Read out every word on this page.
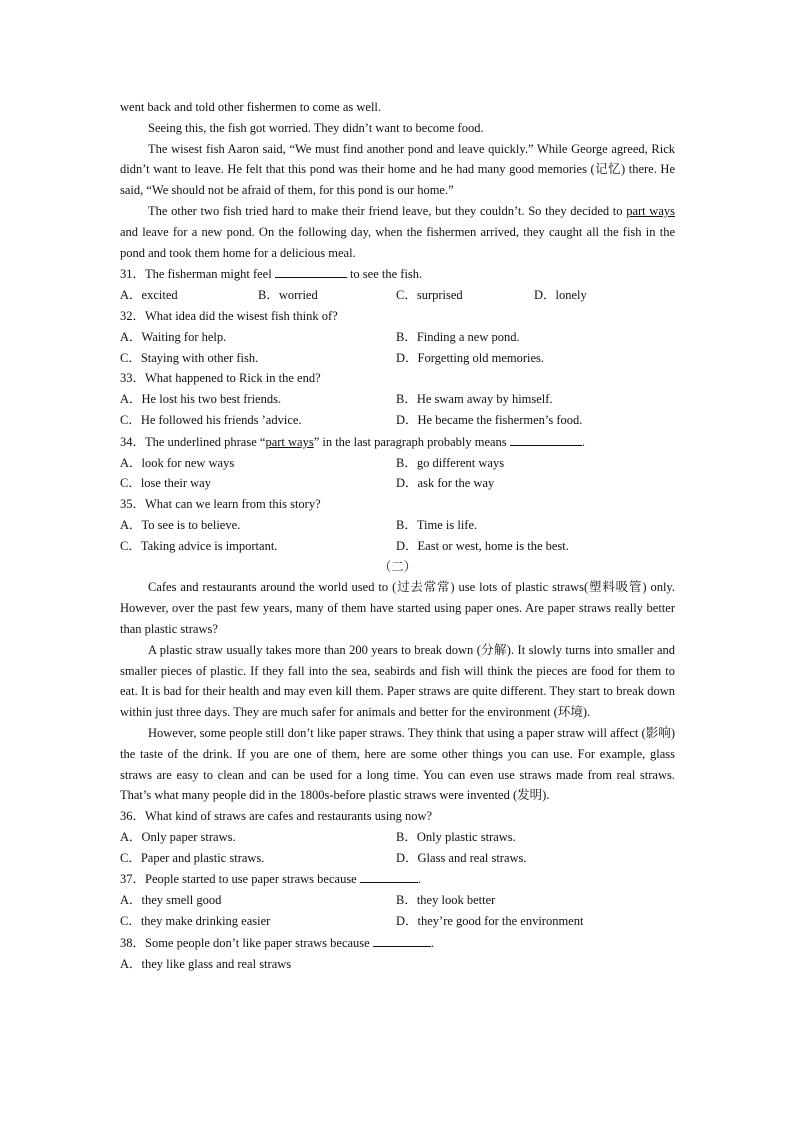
went back and told other fishermen to come as well.

Seeing this, the fish got worried. They didn’t want to become food.

The wisest fish Aaron said, “We must find another pond and leave quickly.” While George agreed, Rick didn’t want to leave. He felt that this pond was their home and he had many good memories (记忆) there. He said, “We should not be afraid of them, for this pond is our home.”

The other two fish tried hard to make their friend leave, but they couldn’t. So they decided to part ways and leave for a new pond. On the following day, when the fishermen arrived, they caught all the fish in the pond and took them home for a delicious meal.

31．The fisherman might feel	to see the fish.

A．excited	B．worried	C．surprised	D．lonely

32．What idea did the wisest fish think of?

A．Waiting for help.	B．Finding a new pond.
C．Staying with other fish.	D．Forgetting old memories.

33．What happened to Rick in the end?

A．He lost his two best friends.	B．He swam away by himself.
C．He followed his friends ’advice.	D．He became the fishermen’s food.

34．The underlined phrase “part ways” in the last paragraph probably means	.

A．look for new ways	B．go different ways
C．lose their way	D．ask for the way

35．What can we learn from this story?

A．To see is to believe.	B．Time is life.
C．Taking advice is important.	D．East or west, home is the best.

（二）

Cafes and restaurants around the world used to (过去常常) use lots of plastic straws(塑料吸管) only. However, over the past few years, many of them have started using paper ones. Are paper straws really better than plastic straws?

A plastic straw usually takes more than 200 years to break down (分解). It slowly turns into smaller and smaller pieces of plastic. If they fall into the sea, seabirds and fish will think the pieces are food for them to eat. It is bad for their health and may even kill them. Paper straws are quite different. They start to break down within just three days. They are much safer for animals and better for the environment (环境).

However, some people still don’t like paper straws. They think that using a paper straw will affect (影响) the taste of the drink. If you are one of them, here are some other things you can use. For example, glass straws are easy to clean and can be used for a long time. You can even use straws made from real straws. That’s what many people did in the 1800s-before plastic straws were invented (发明).

36．What kind of straws are cafes and restaurants using now?

A．Only paper straws.	B．Only plastic straws.
C．Paper and plastic straws.	D．Glass and real straws.

37．People started to use paper straws because	.

A．they smell good	B．they look better
C．they make drinking easier	D．they’re good for the environment

38．Some people don’t like paper straws because	.

A．they like glass and real straws
